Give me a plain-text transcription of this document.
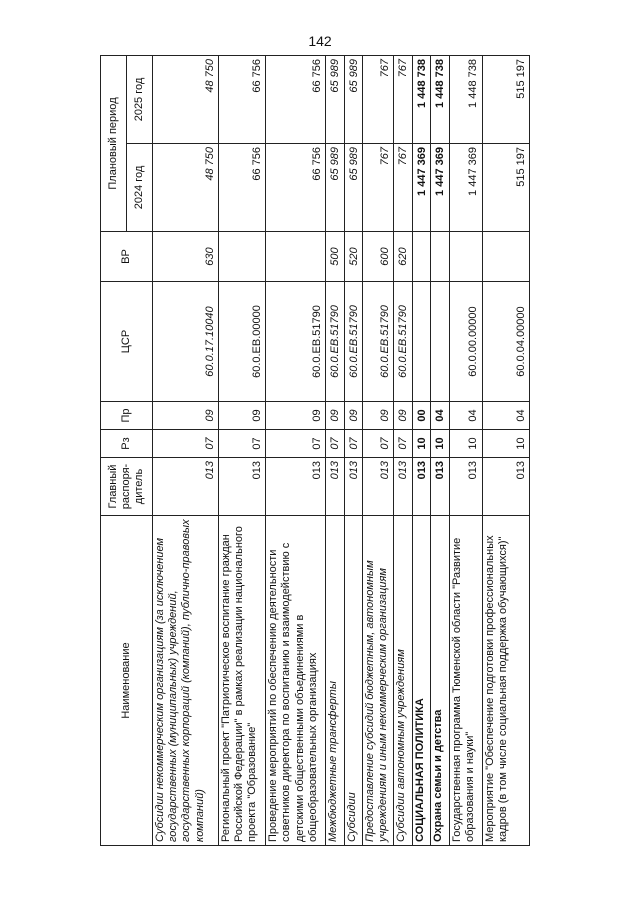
142
Наименование	Главный распоря-дитель	Рз	Пр	ЦСР	ВР	Плановый период	
						2024 год	2025 год
Субсидии некоммерческим организациям (за исключением государственных (муниципальных) учреждений, государственных корпораций (компаний), публично-правовых компаний)	013	07	09	60.0.17.10040	630	48 750	48 750
Региональный проект "Патриотическое воспитание граждан Российской Федерации" в рамках реализации национального проекта "Образование"	013	07	09	60.0.ЕВ.00000		66 756	66 756
Проведение мероприятий по обеспечению деятельности советников директора по воспитанию и взаимодействию с детскими общественными объединениями в общеобразовательных организациях	013	07	09	60.0.ЕВ.51790		66 756	66 756
Межбюджетные трансферты	013	07	09	60.0.ЕВ.51790	500	65 989	65 989
Субсидии	013	07	09	60.0.ЕВ.51790	520	65 989	65 989
Предоставление субсидий бюджетным, автономным учреждениям и иным некоммерческим организациям	013	07	09	60.0.ЕВ.51790	600	767	767
Субсидии автономным учреждениям	013	07	09	60.0.ЕВ.51790	620	767	767
СОЦИАЛЬНАЯ ПОЛИТИКА	013	10	00			1 447 369	1 448 738
Охрана семьи и детства	013	10	04			1 447 369	1 448 738
Государственная программа Тюменской области "Развитие образования и науки"	013	10	04	60.0.00.00000		1 447 369	1 448 738
Мероприятие "Обеспечение подготовки профессиональных кадров (в том числе социальная поддержка обучающихся)"	013	10	04	60.0.04.00000		515 197	515 197
